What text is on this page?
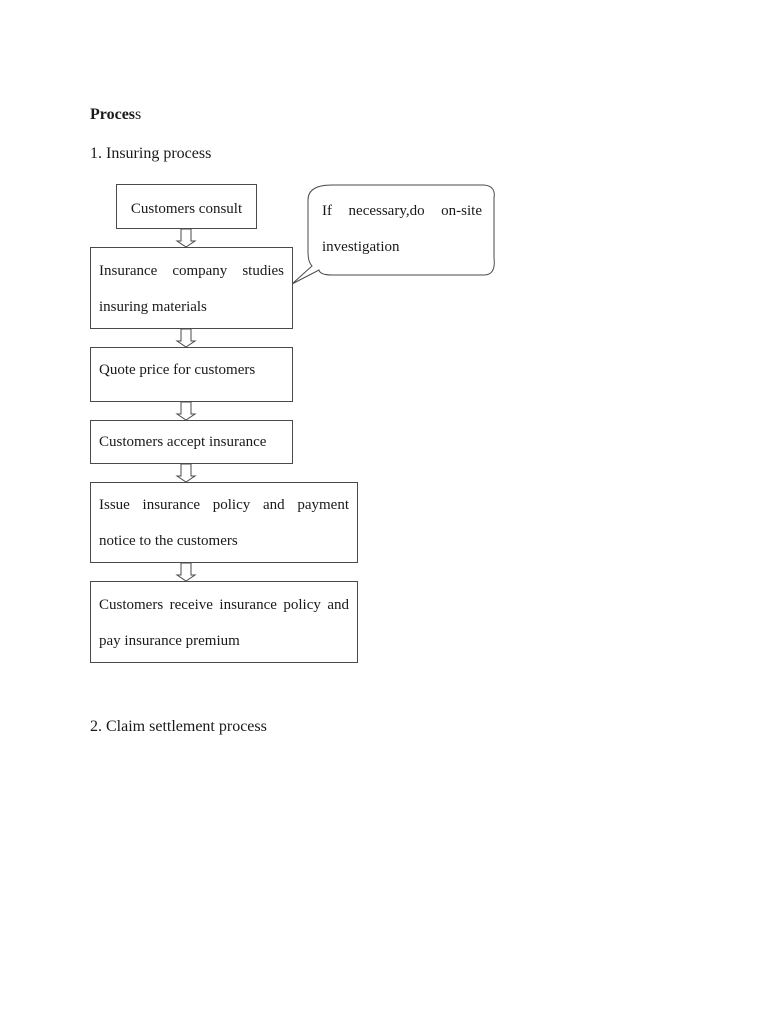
Process
1. Insuring process
Customers consult
Insurance company studies insuring materials
Quote price for customers
Customers accept insurance
Issue insurance policy and payment notice to the customers
Customers receive insurance policy and pay insurance premium
If necessary,do on-site investigation
2. Claim settlement process
